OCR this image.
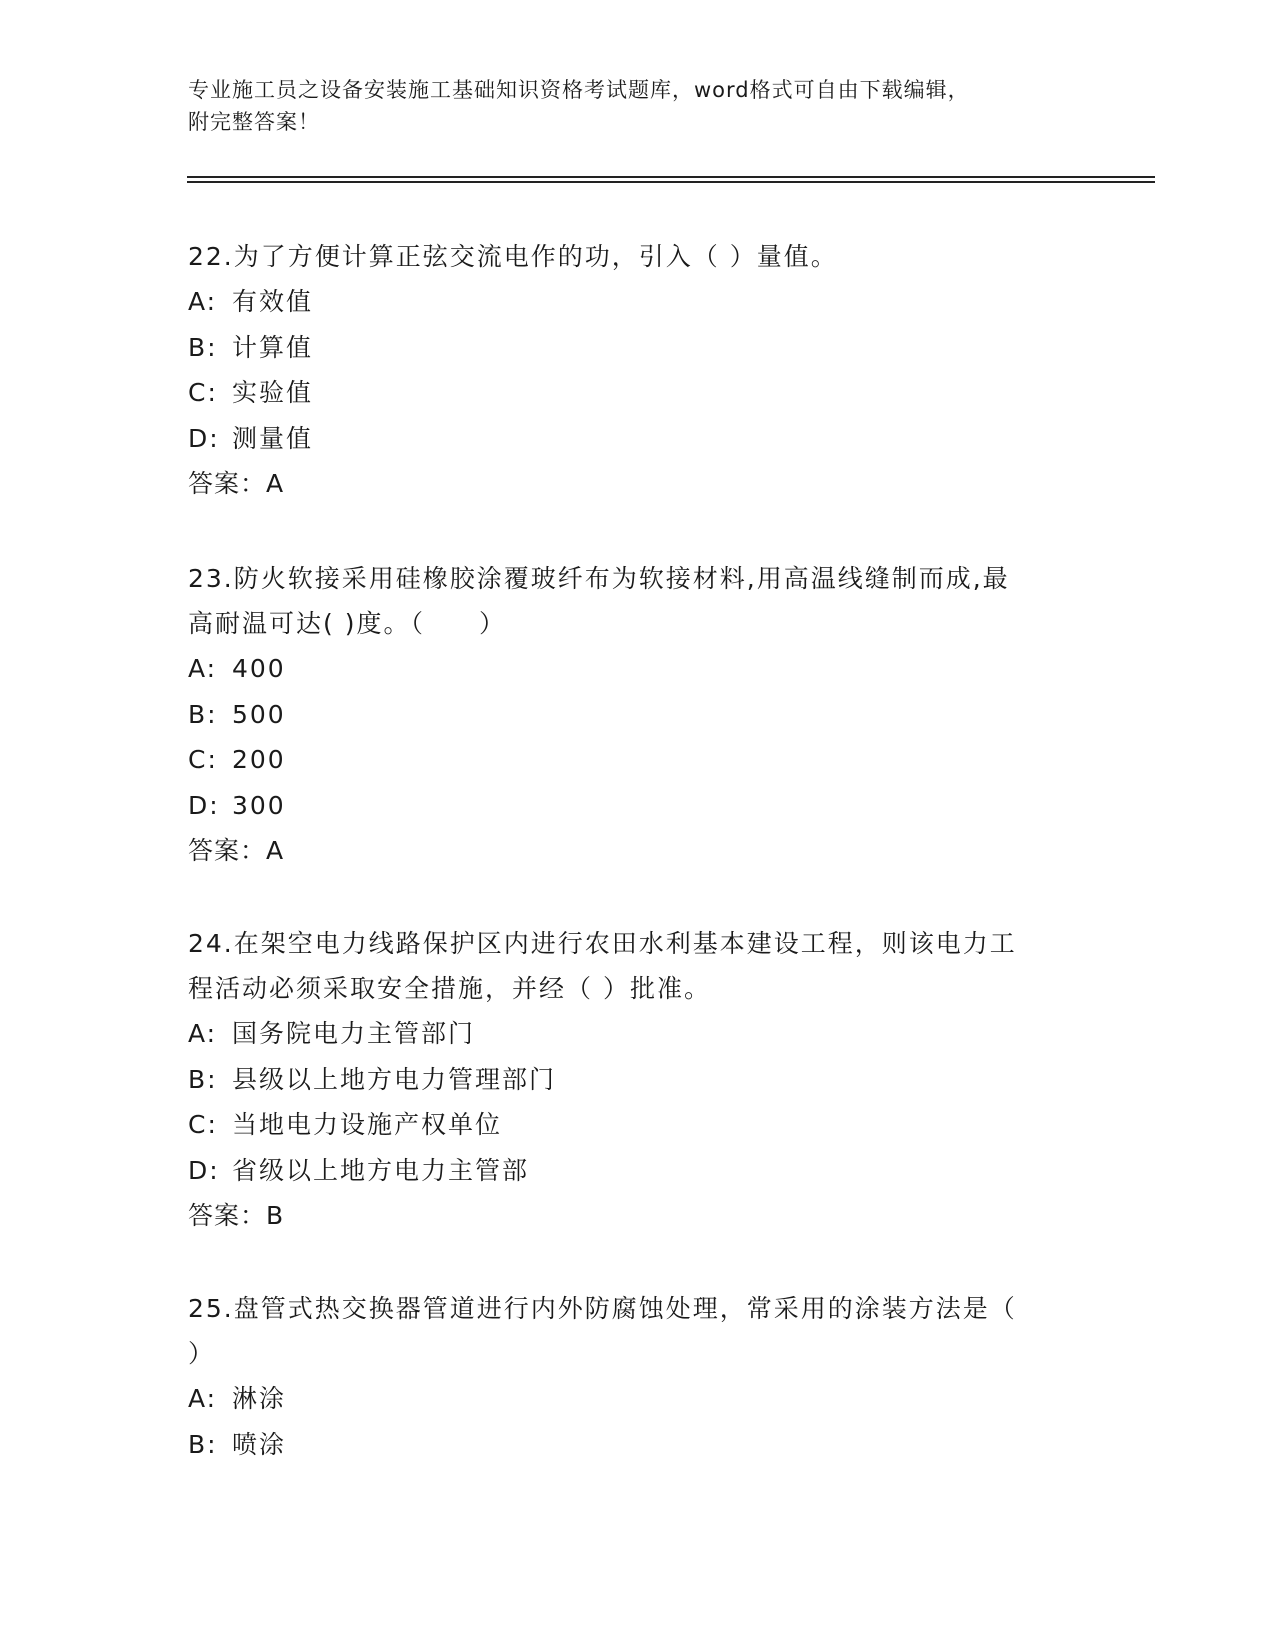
专业施工员之设备安装施工基础知识资格考试题库，word格式可自由下载编辑，
附完整答案！
22.为了方便计算正弦交流电作的功，引入（ ）量值。
A: 有效值
B: 计算值
C: 实验值
D: 测量值
答案：A
23.防火软接采用硅橡胶涂覆玻纤布为软接材料,用高温线缝制而成,最
高耐温可达( )度。（　　）
A: 400
B: 500
C: 200
D: 300
答案：A
24.在架空电力线路保护区内进行农田水利基本建设工程，则该电力工
程活动必须采取安全措施，并经（ ）批准。
A: 国务院电力主管部门
B: 县级以上地方电力管理部门
C: 当地电力设施产权单位
D: 省级以上地方电力主管部
答案：B
25.盘管式热交换器管道进行内外防腐蚀处理，常采用的涂装方法是（
）
A: 淋涂
B: 喷涂
